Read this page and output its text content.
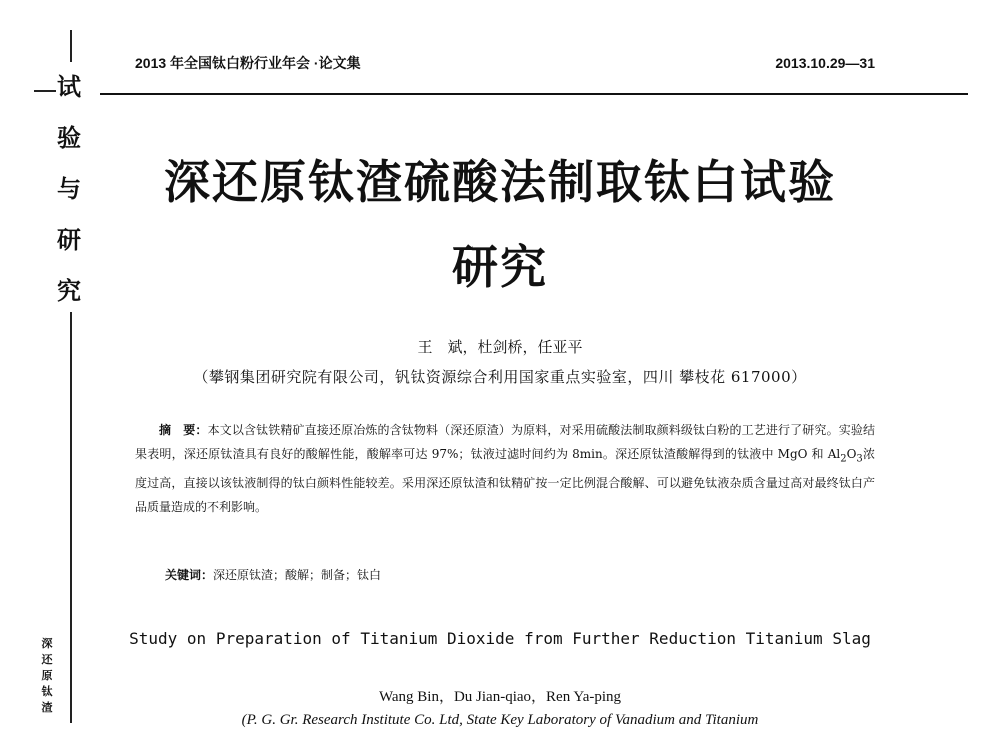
试
验
与
研
究
深
还
原
钛
渣
2013 年全国钛白粉行业年会 ·论文集	2013.10.29—31
深还原钛渣硫酸法制取钛白试验
研究
王　斌，杜剑桥，任亚平
（攀钢集团研究院有限公司，钒钛资源综合利用国家重点实验室，四川 攀枝花 617000）
摘　要：本文以含钛铁精矿直接还原冶炼的含钛物料（深还原渣）为原料，对采用硫酸法制取颜料级钛白粉的工艺进行了研究。实验结果表明，深还原钛渣具有良好的酸解性能，酸解率可达 97%；钛液过滤时间约为 8min。深还原钛渣酸解得到的钛液中 MgO 和 $Al_2O_3$浓度过高，直接以该钛液制得的钛白颜料性能较差。采用深还原钛渣和钛精矿按一定比例混合酸解、可以避免钛液杂质含量过高对最终钛白产品质量造成的不利影响。
关键词：深还原钛渣；酸解；制备；钛白
Study on Preparation of Titanium Dioxide from Further Reduction Titanium Slag
Wang Bin，Du Jian-qiao，Ren Ya-ping
(P. G. Gr. Research Institute Co. Ltd, State Key Laboratory of Vanadium and Titanium
